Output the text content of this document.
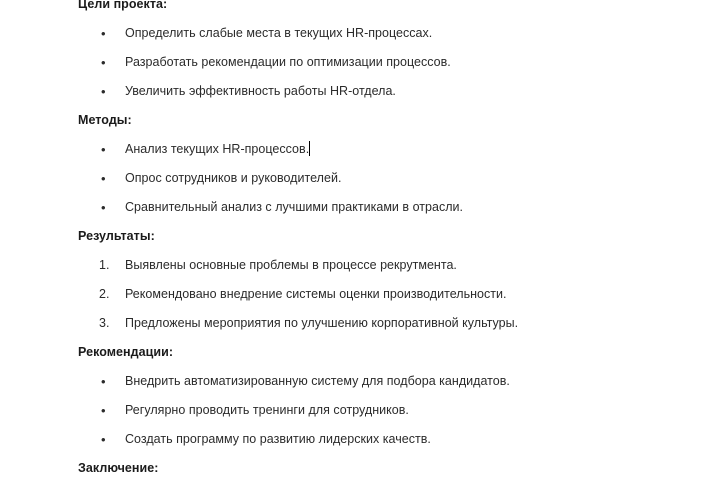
Цели проекта:
• Определить слабые места в текущих HR-процессах.
• Разработать рекомендации по оптимизации процессов.
• Увеличить эффективность работы HR-отдела.
Методы:
• Анализ текущих HR-процессов.
• Опрос сотрудников и руководителей.
• Сравнительный анализ с лучшими практиками в отрасли.
Результаты:
1. Выявлены основные проблемы в процессе рекрутмента.
2. Рекомендовано внедрение системы оценки производительности.
3. Предложены мероприятия по улучшению корпоративной культуры.
Рекомендации:
• Внедрить автоматизированную систему для подбора кандидатов.
• Регулярно проводить тренинги для сотрудников.
• Создать программу по развитию лидерских качеств.
Заключение:
